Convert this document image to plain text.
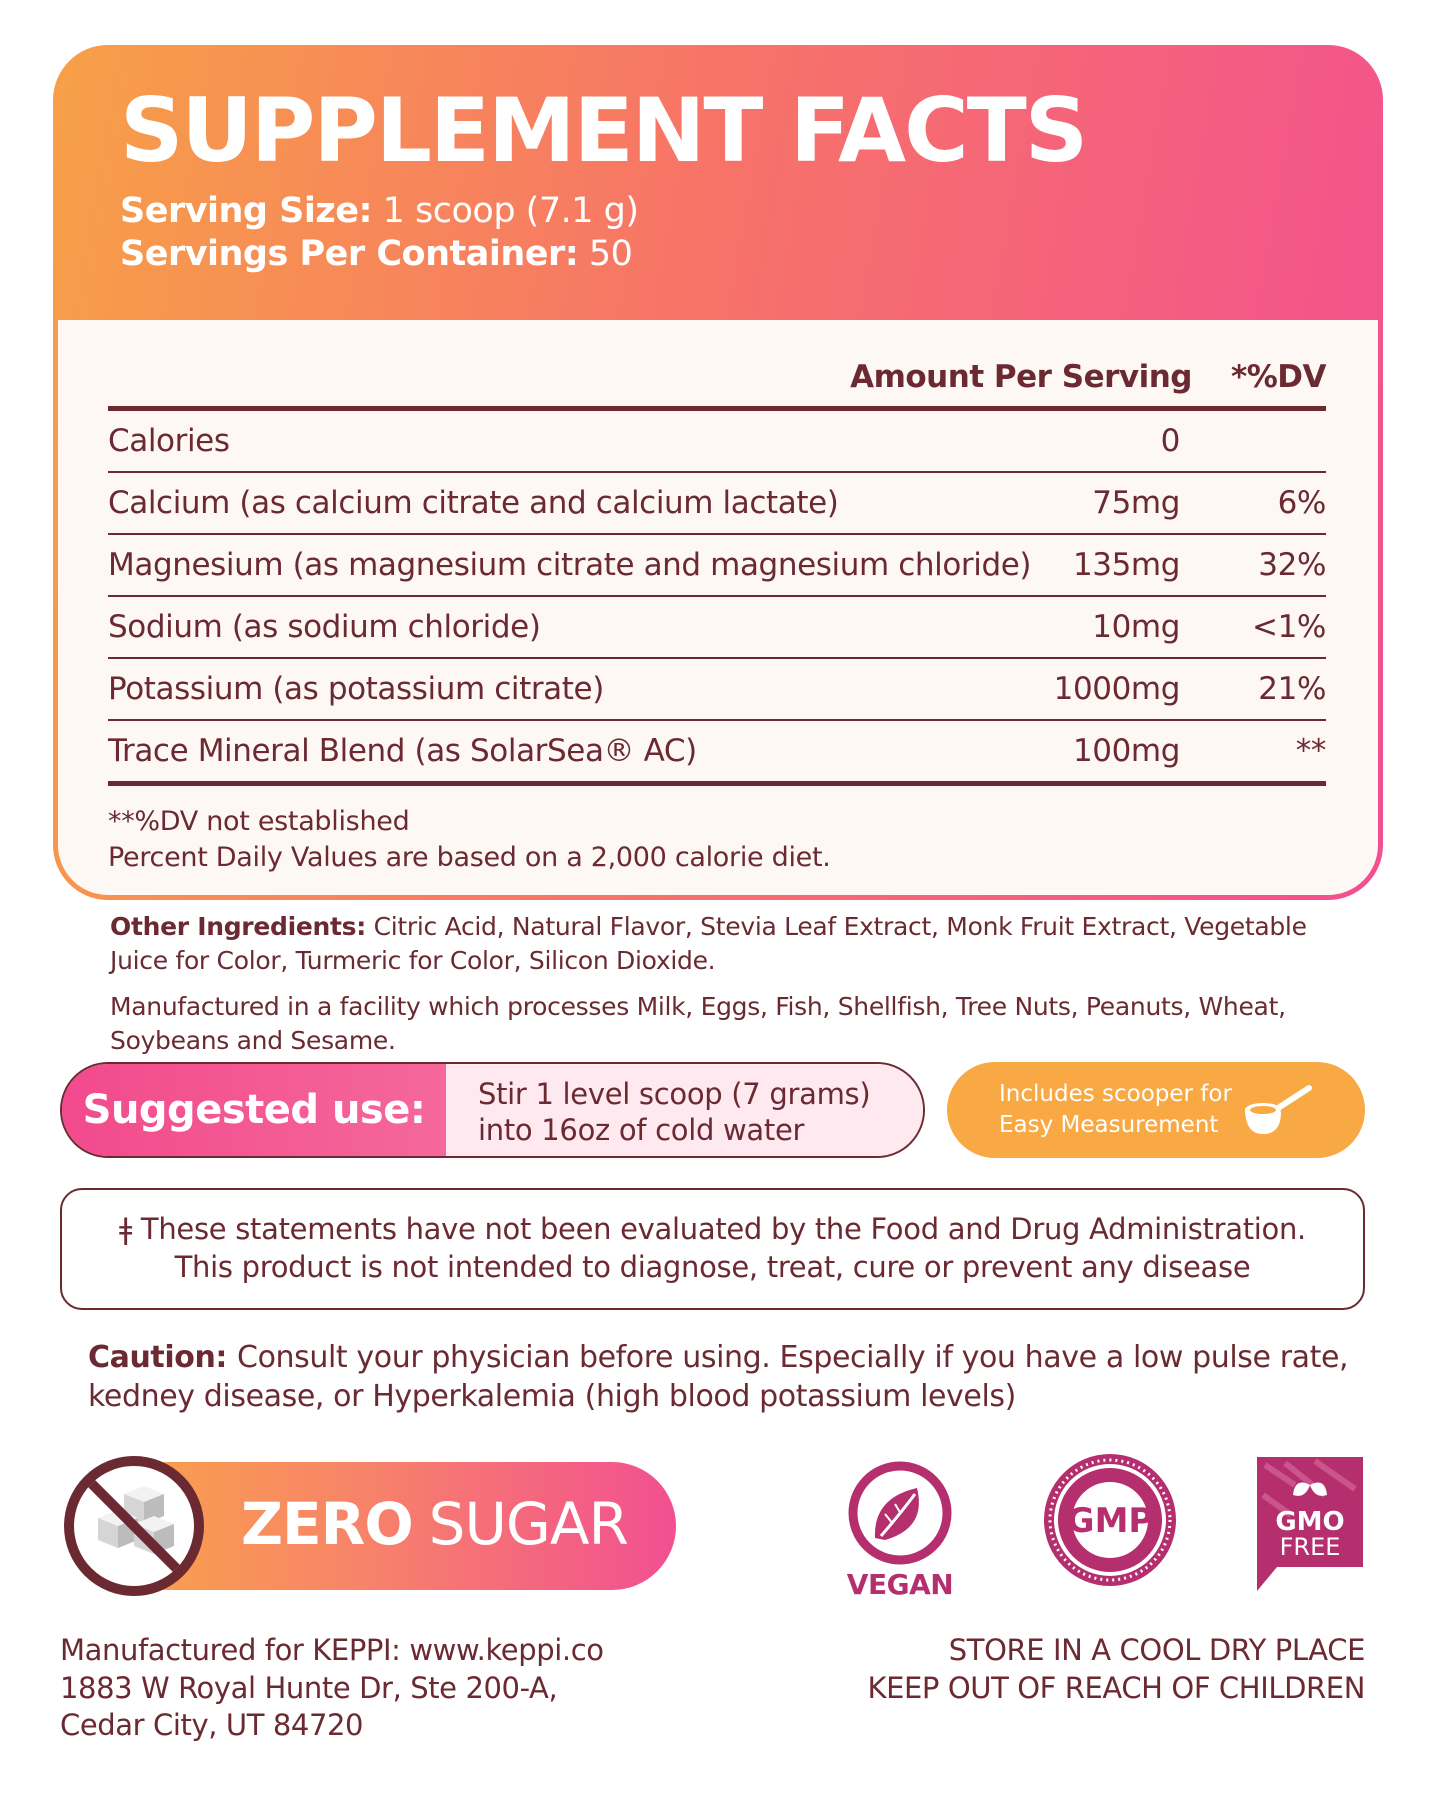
SUPPLEMENT FACTS
Serving Size: 1 scoop (7.1 g)
Servings Per Container: 50
Amount Per Serving	*%DV
Calories	0
Calcium (as calcium citrate and calcium lactate)	75mg	6%
Magnesium (as magnesium citrate and magnesium chloride)	135mg	32%
Sodium (as sodium chloride)	10mg	<1%
Potassium (as potassium citrate)	1000mg	21%
Trace Mineral Blend (as SolarSea® AC)	100mg	**
**%DV not established
Percent Daily Values are based on a 2,000 calorie diet.
Other Ingredients: Citric Acid, Natural Flavor, Stevia Leaf Extract, Monk Fruit Extract, Vegetable Juice for Color, Turmeric for Color, Silicon Dioxide.
Manufactured in a facility which processes Milk, Eggs, Fish, Shellfish, Tree Nuts, Peanuts, Wheat, Soybeans and Sesame.
Suggested use:	Stir 1 level scoop (7 grams)
into 16oz of cold water
Includes scooper for
Easy Measurement
ǂ These statements have not been evaluated by the Food and Drug Administration.
This product is not intended to diagnose, treat, cure or prevent any disease
Caution: Consult your physician before using. Especially if you have a low pulse rate, kedney disease, or Hyperkalemia (high blood potassium levels)
ZERO SUGAR
VEGAN
GMP	GMO
FREE
Manufactured for KEPPI: www.keppi.co
1883 W Royal Hunte Dr, Ste 200-A,
Cedar City, UT 84720
STORE IN A COOL DRY PLACE
KEEP OUT OF REACH OF CHILDREN
